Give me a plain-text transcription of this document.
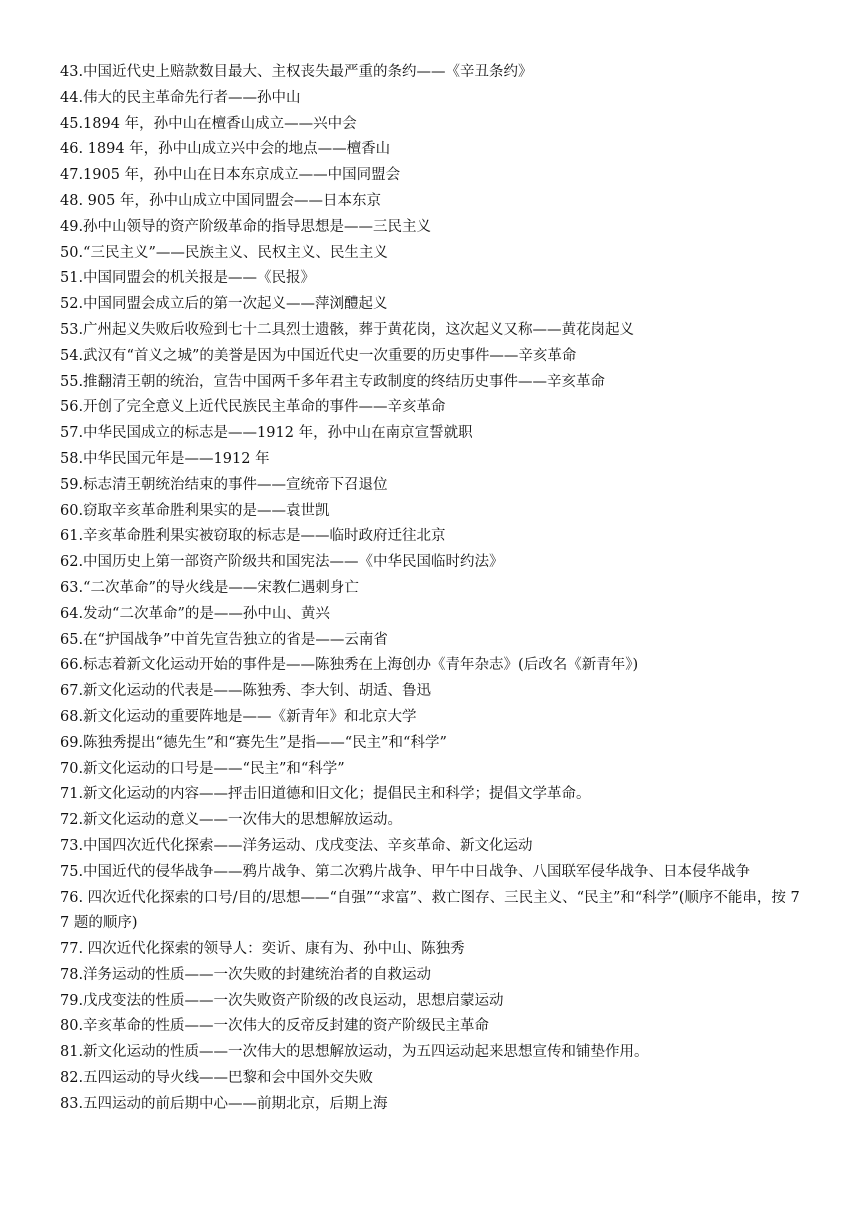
43.中国近代史上赔款数目最大、主权丧失最严重的条约——《辛丑条约》

44.伟大的民主革命先行者——孙中山

45.1894 年，孙中山在檀香山成立——兴中会

46. 1894 年，孙中山成立兴中会的地点——檀香山

47.1905 年，孙中山在日本东京成立——中国同盟会

48. 905 年，孙中山成立中国同盟会——日本东京

49.孙中山领导的资产阶级革命的指导思想是——三民主义

50.“三民主义”——民族主义、民权主义、民生主义

51.中国同盟会的机关报是——《民报》

52.中国同盟会成立后的第一次起义——萍浏醴起义

53.广州起义失败后收殓到七十二具烈士遗骸，葬于黄花岗，这次起义又称——黄花岗起义

54.武汉有“首义之城”的美誉是因为中国近代史一次重要的历史事件——辛亥革命

55.推翻清王朝的统治，宣告中国两千多年君主专政制度的终结历史事件——辛亥革命

56.开创了完全意义上近代民族民主革命的事件——辛亥革命

57.中华民国成立的标志是——1912 年，孙中山在南京宣誓就职

58.中华民国元年是——1912 年

59.标志清王朝统治结束的事件——宣统帝下召退位

60.窃取辛亥革命胜利果实的是——袁世凯

61.辛亥革命胜利果实被窃取的标志是——临时政府迁往北京

62.中国历史上第一部资产阶级共和国宪法——《中华民国临时约法》

63.“二次革命”的导火线是——宋教仁遇刺身亡

64.发动“二次革命”的是——孙中山、黄兴

65.在“护国战争”中首先宣告独立的省是——云南省

66.标志着新文化运动开始的事件是——陈独秀在上海创办《青年杂志》(后改名《新青年》)

67.新文化运动的代表是——陈独秀、李大钊、胡适、鲁迅

68.新文化运动的重要阵地是——《新青年》和北京大学

69.陈独秀提出“德先生”和“赛先生”是指——“民主”和“科学”

70.新文化运动的口号是——“民主”和“科学”

71.新文化运动的内容——抨击旧道德和旧文化；提倡民主和科学；提倡文学革命。

72.新文化运动的意义——一次伟大的思想解放运动。

73.中国四次近代化探索——洋务运动、戊戌变法、辛亥革命、新文化运动

75.中国近代的侵华战争——鸦片战争、第二次鸦片战争、甲午中日战争、八国联军侵华战争、日本侵华战争

76. 四次近代化探索的口号/目的/思想——“自强”“求富”、救亡图存、三民主义、“民主”和“科学”(顺序不能串，按 77 题的顺序)

77. 四次近代化探索的领导人：奕䜣、康有为、孙中山、陈独秀

78.洋务运动的性质——一次失败的封建统治者的自救运动

79.戊戌变法的性质——一次失败资产阶级的改良运动，思想启蒙运动

80.辛亥革命的性质——一次伟大的反帝反封建的资产阶级民主革命

81.新文化运动的性质——一次伟大的思想解放运动，为五四运动起来思想宣传和铺垫作用。

82.五四运动的导火线——巴黎和会中国外交失败

83.五四运动的前后期中心——前期北京，后期上海
